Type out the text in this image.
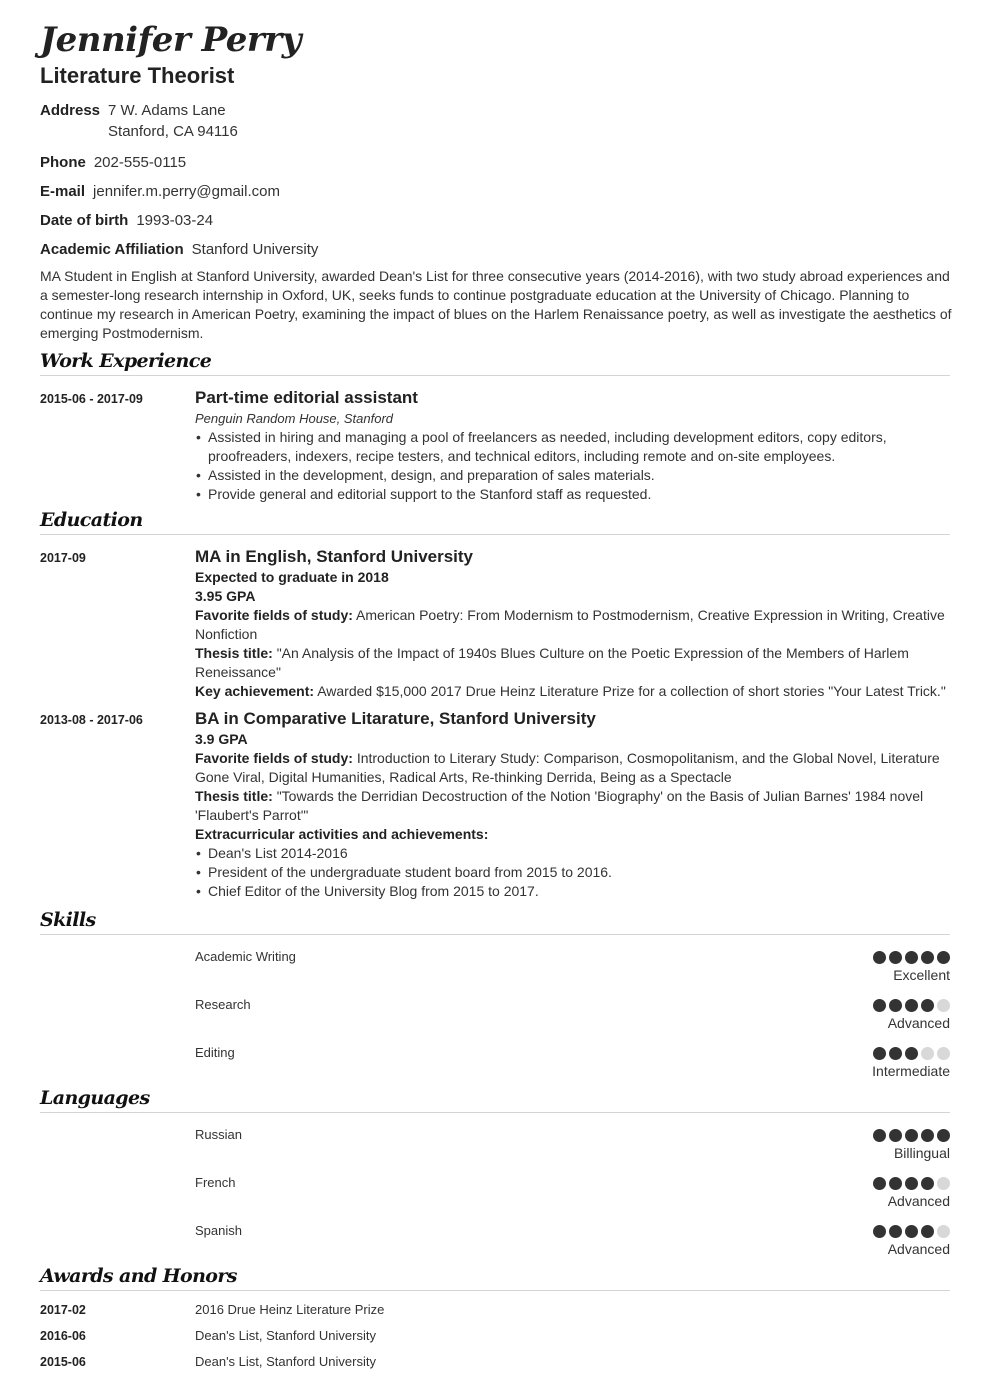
Jennifer Perry
Literature Theorist
Address 7 W. Adams Lane
Stanford, CA 94116
Phone 202-555-0115
E-mail jennifer.m.perry@gmail.com
Date of birth 1993-03-24
Academic Affiliation Stanford University

MA Student in English at Stanford University, awarded Dean's List for three consecutive years (2014-2016), with two study abroad experiences and a semester-long research internship in Oxford, UK, seeks funds to continue postgraduate education at the University of Chicago. Planning to continue my research in American Poetry, examining the impact of blues on the Harlem Renaissance poetry, as well as investigate the aesthetics of emerging Postmodernism.

Work Experience
2015-06 - 2017-09	Part-time editorial assistant
Penguin Random House, Stanford
• Assisted in hiring and managing a pool of freelancers as needed, including development editors, copy editors, proofreaders, indexers, recipe testers, and technical editors, including remote and on-site employees.
• Assisted in the development, design, and preparation of sales materials.
• Provide general and editorial support to the Stanford staff as requested.
Education
2017-09	MA in English, Stanford University
Expected to graduate in 2018
3.95 GPA
Favorite fields of study: American Poetry: From Modernism to Postmodernism, Creative Expression in Writing, Creative Nonfiction
Thesis title: "An Analysis of the Impact of 1940s Blues Culture on the Poetic Expression of the Members of Harlem Reneissance"
Key achievement: Awarded $15,000 2017 Drue Heinz Literature Prize for a collection of short stories "Your Latest Trick."
2013-08 - 2017-06	BA in Comparative Litarature, Stanford University
3.9 GPA
Favorite fields of study: Introduction to Literary Study: Comparison, Cosmopolitanism, and the Global Novel, Literature Gone Viral, Digital Humanities, Radical Arts, Re-thinking Derrida, Being as a Spectacle
Thesis title: "Towards the Derridian Decostruction of the Notion 'Biography' on the Basis of Julian Barnes' 1984 novel 'Flaubert's Parrot'"
Extracurricular activities and achievements:
• Dean's List 2014-2016
• President of the undergraduate student board from 2015 to 2016.
• Chief Editor of the University Blog from 2015 to 2017.
Skills
Academic Writing
Excellent
Research
Advanced
Editing
Intermediate
Languages
Russian
Billingual
French
Advanced
Spanish
Advanced
Awards and Honors
2017-02	2016 Drue Heinz Literature Prize
2016-06	Dean's List, Stanford University
2015-06	Dean's List, Stanford University
